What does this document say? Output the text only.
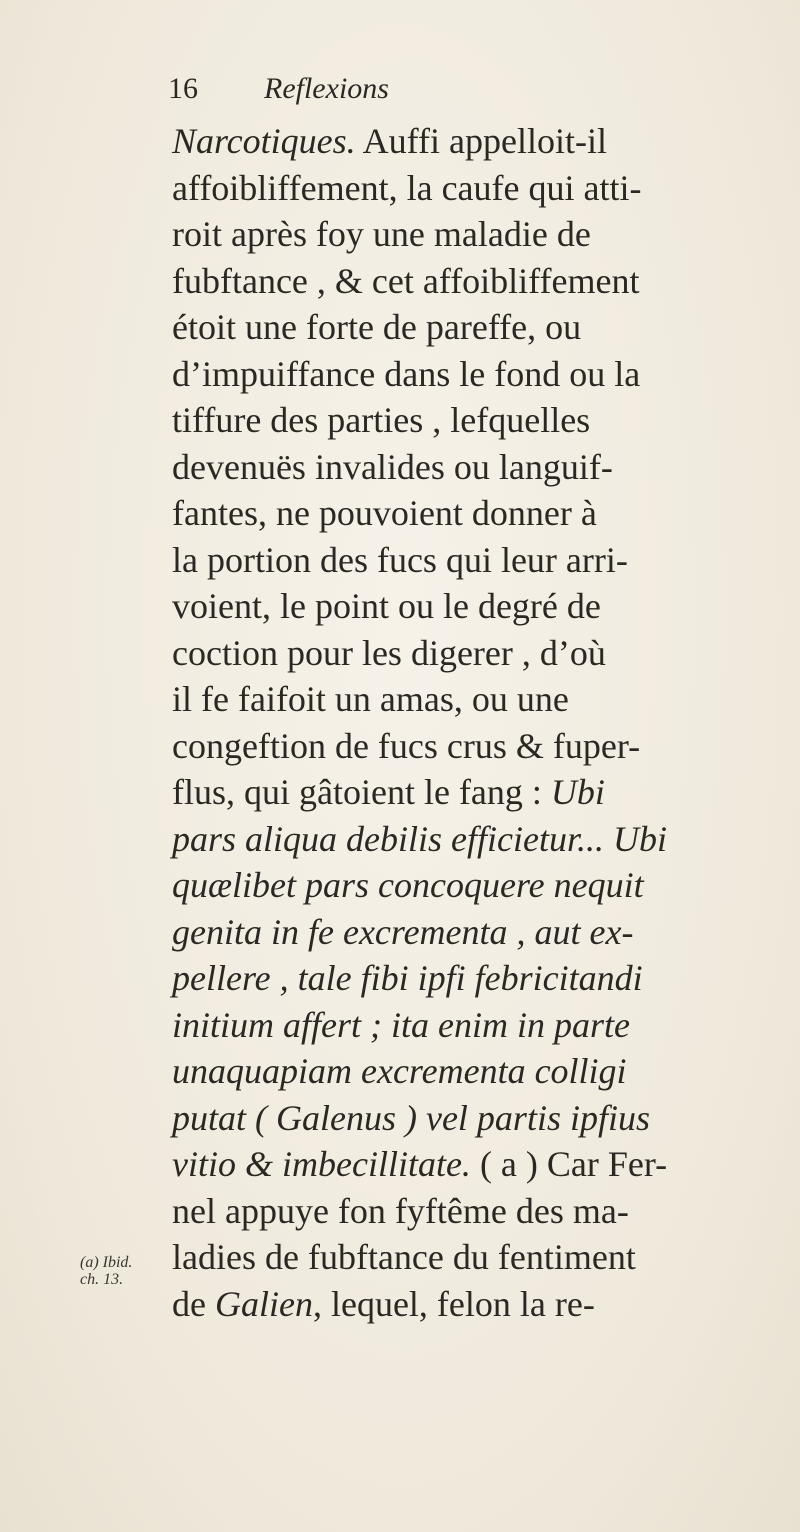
16 Reflexions
Narcotiques. Auffi appelloit-il
affoibliffement, la caufe qui atti-
roit après foy une maladie de
fubftance , & cet affoibliffement
étoit une forte de pareffe, ou
d’impuiffance dans le fond ou la
tiffure des parties , lefquelles
devenuës invalides ou languif-
fantes, ne pouvoient donner à
la portion des fucs qui leur arri-
voient, le point ou le degré de
coction pour les digerer , d’où
il fe faifoit un amas, ou une
congeftion de fucs crus & fuper-
flus, qui gâtoient le fang : Ubi
pars aliqua debilis efficietur... Ubi
quælibet pars concoquere nequit
genita in fe excrementa , aut ex-
pellere , tale fibi ipfi febricitandi
initium affert ; ita enim in parte
unaquapiam excrementa colligi
putat ( Galenus ) vel partis ipfius
vitio & imbecillitate. ( a ) Car Fer-
nel appuye fon fyftême des ma-
ladies de fubftance du fentiment
de Galien, lequel, felon la re-
(a) Ibid.
ch. 13.
